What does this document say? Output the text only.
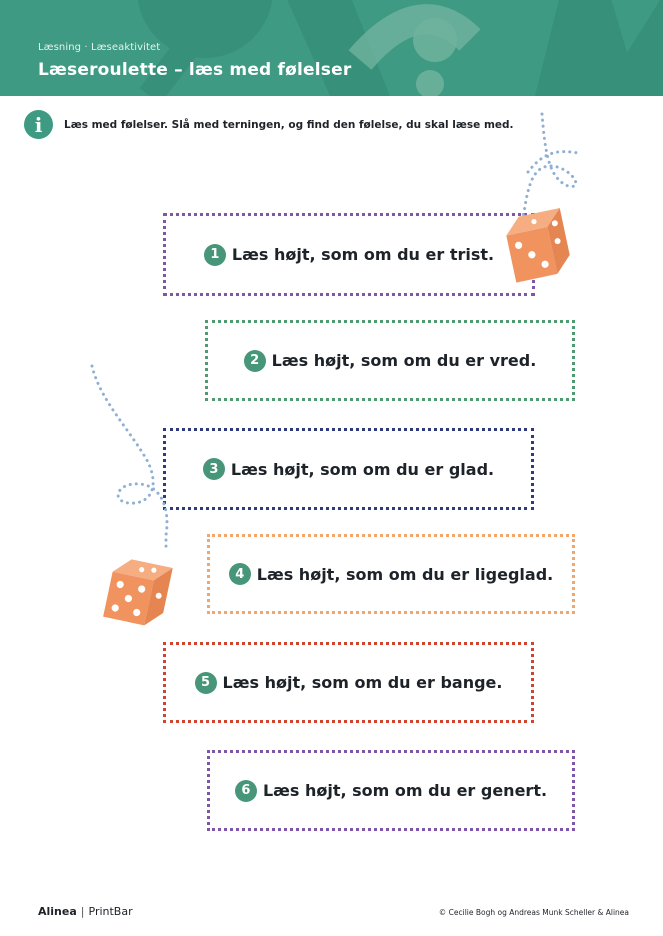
Læsning · Læseaktivitet
Læseroulette – læs med følelser
i	Læs med følelser. Slå med terningen, og find den følelse, du skal læse med.
1 Læs højt, som om du er trist.
2 Læs højt, som om du er vred.
3 Læs højt, som om du er glad.
4 Læs højt, som om du er ligeglad.
5 Læs højt, som om du er bange.
6 Læs højt, som om du er genert.
Alinea | PrintBar	© Cecilie Bogh og Andreas Munk Scheller & Alinea
